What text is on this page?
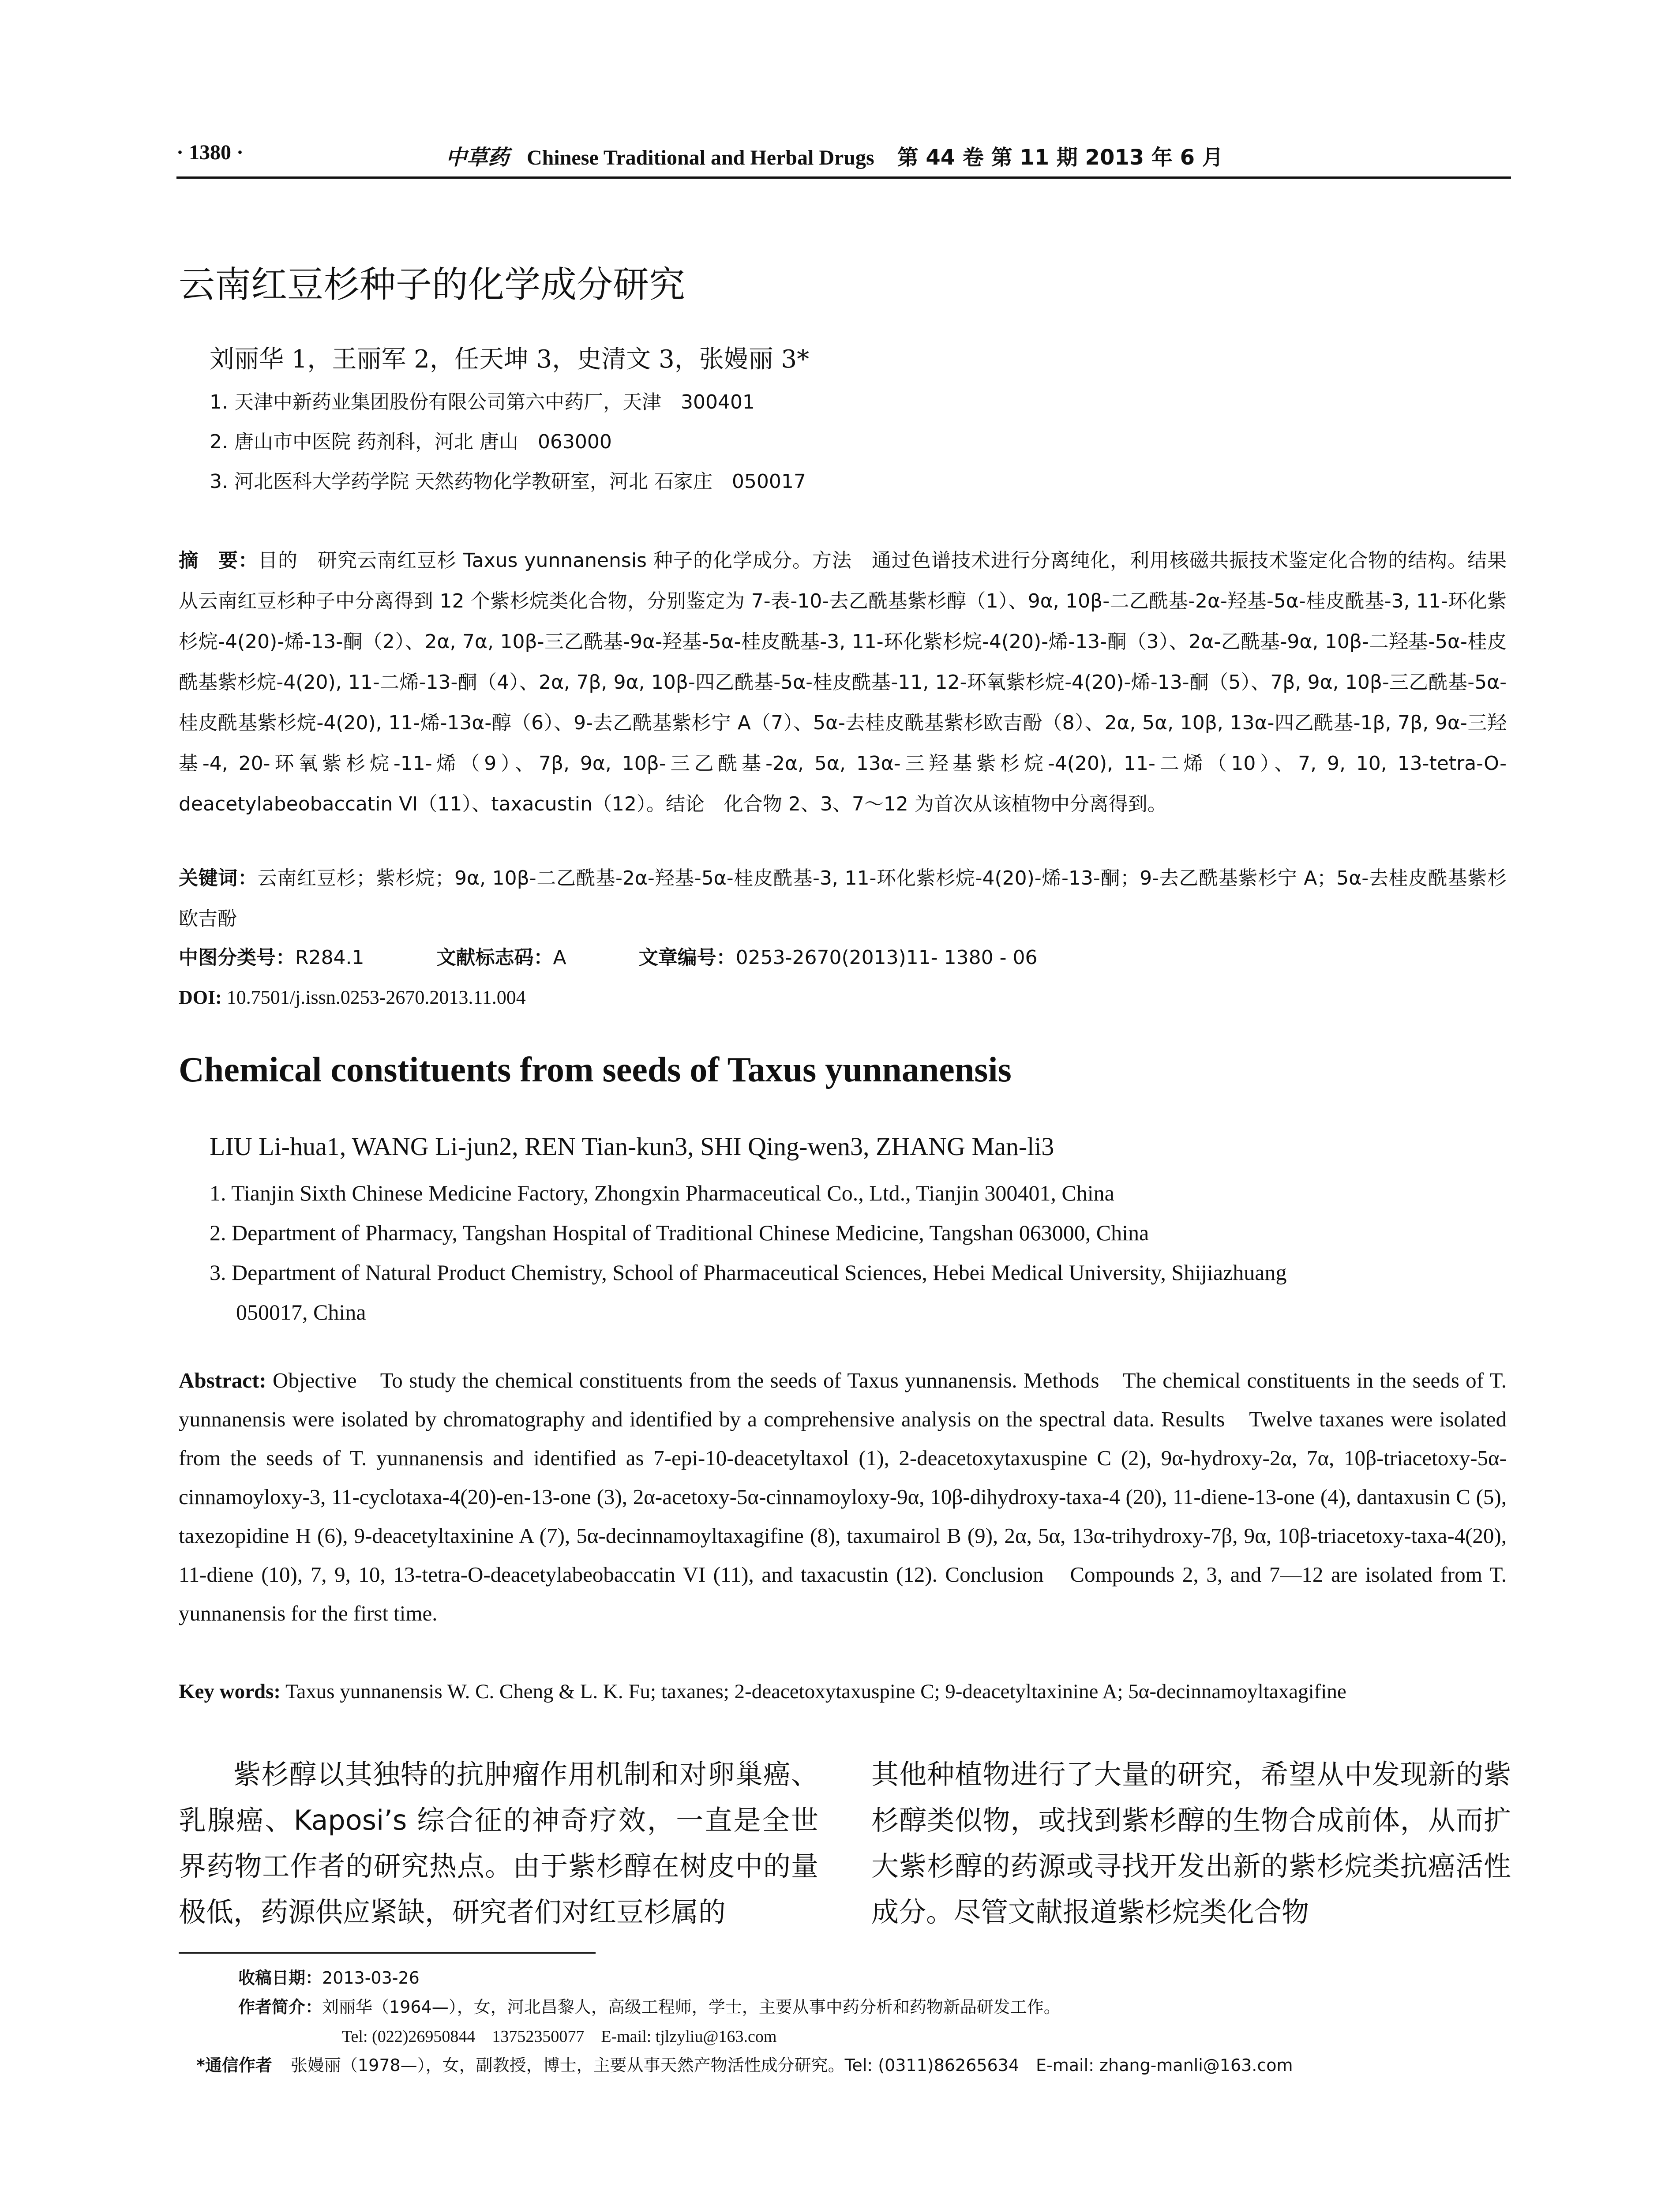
· 1380 ·	中草药 Chinese Traditional and Herbal Drugs 第 44 卷 第 11 期 2013 年 6 月
云南红豆杉种子的化学成分研究
刘丽华 1，王丽军 2，任天坤 3，史清文 3，张嫚丽 3*
1. 天津中新药业集团股份有限公司第六中药厂，天津　300401
2. 唐山市中医院 药剂科，河北 唐山　063000
3. 河北医科大学药学院 天然药物化学教研室，河北 石家庄　050017
摘　要：目的　研究云南红豆杉 Taxus yunnanensis 种子的化学成分。方法　通过色谱技术进行分离纯化，利用核磁共振技术鉴定化合物的结构。结果　从云南红豆杉种子中分离得到 12 个紫杉烷类化合物，分别鉴定为 7-表-10-去乙酰基紫杉醇（1）、9α, 10β-二乙酰基-2α-羟基-5α-桂皮酰基-3, 11-环化紫杉烷-4(20)-烯-13-酮（2）、2α, 7α, 10β-三乙酰基-9α-羟基-5α-桂皮酰基-3, 11-环化紫杉烷-4(20)-烯-13-酮（3）、2α-乙酰基-9α, 10β-二羟基-5α-桂皮酰基紫杉烷-4(20), 11-二烯-13-酮（4）、2α, 7β, 9α, 10β-四乙酰基-5α-桂皮酰基-11, 12-环氧紫杉烷-4(20)-烯-13-酮（5）、7β, 9α, 10β-三乙酰基-5α-桂皮酰基紫杉烷-4(20), 11-烯-13α-醇（6）、9-去乙酰基紫杉宁 A（7）、5α-去桂皮酰基紫杉欧吉酚（8）、2α, 5α, 10β, 13α-四乙酰基-1β, 7β, 9α-三羟基-4, 20-环氧紫杉烷-11-烯（9）、7β, 9α, 10β-三乙酰基-2α, 5α, 13α-三羟基紫杉烷-4(20), 11-二烯（10）、7, 9, 10, 13-tetra-O-deacetylabeobaccatin VI（11）、taxacustin（12）。结论　化合物 2、3、7～12 为首次从该植物中分离得到。
关键词：云南红豆杉；紫杉烷；9α, 10β-二乙酰基-2α-羟基-5α-桂皮酰基-3, 11-环化紫杉烷-4(20)-烯-13-酮；9-去乙酰基紫杉宁 A；5α-去桂皮酰基紫杉欧吉酚
中图分类号：R284.1	文献标志码：A	文章编号：0253-2670(2013)11- 1380 - 06
DOI: 10.7501/j.issn.0253-2670.2013.11.004
Chemical constituents from seeds of Taxus yunnanensis
LIU Li-hua1, WANG Li-jun2, REN Tian-kun3, SHI Qing-wen3, ZHANG Man-li3
1. Tianjin Sixth Chinese Medicine Factory, Zhongxin Pharmaceutical Co., Ltd., Tianjin 300401, China
2. Department of Pharmacy, Tangshan Hospital of Traditional Chinese Medicine, Tangshan 063000, China
3. Department of Natural Product Chemistry, School of Pharmaceutical Sciences, Hebei Medical University, Shijiazhuang
050017, China
Abstract: Objective　To study the chemical constituents from the seeds of Taxus yunnanensis. Methods　The chemical constituents in the seeds of T. yunnanensis were isolated by chromatography and identified by a comprehensive analysis on the spectral data. Results　Twelve taxanes were isolated from the seeds of T. yunnanensis and identified as 7-epi-10-deacetyltaxol (1), 2-deacetoxytaxuspine C (2), 9α-hydroxy-2α, 7α, 10β-triacetoxy-5α-cinnamoyloxy-3, 11-cyclotaxa-4(20)-en-13-one (3), 2α-acetoxy-5α-cinnamoyloxy-9α, 10β-dihydroxy-taxa-4 (20), 11-diene-13-one (4), dantaxusin C (5), taxezopidine H (6), 9-deacetyltaxinine A (7), 5α-decinnamoyltaxagifine (8), taxumairol B (9), 2α, 5α, 13α-trihydroxy-7β, 9α, 10β-triacetoxy-taxa-4(20), 11-diene (10), 7, 9, 10, 13-tetra-O-deacetylabeobaccatin VI (11), and taxacustin (12). Conclusion　Compounds 2, 3, and 7—12 are isolated from T. yunnanensis for the first time.
Key words: Taxus yunnanensis W. C. Cheng & L. K. Fu; taxanes; 2-deacetoxytaxuspine C; 9-deacetyltaxinine A; 5α-decinnamoyltaxagifine
紫杉醇以其独特的抗肿瘤作用机制和对卵巢癌、乳腺癌、Kaposi’s 综合征的神奇疗效，一直是全世界药物工作者的研究热点。由于紫杉醇在树皮中的量极低，药源供应紧缺，研究者们对红豆杉属的
其他种植物进行了大量的研究，希望从中发现新的紫杉醇类似物，或找到紫杉醇的生物合成前体，从而扩大紫杉醇的药源或寻找开发出新的紫杉烷类抗癌活性成分。尽管文献报道紫杉烷类化合物
收稿日期：2013-03-26
作者简介：刘丽华（1964—），女，河北昌黎人，高级工程师，学士，主要从事中药分析和药物新品研发工作。
Tel: (022)26950844　13752350077　E-mail: tjlzyliu@163.com
*通信作者 张嫚丽（1978—），女，副教授，博士，主要从事天然产物活性成分研究。Tel: (0311)86265634　E-mail: zhang-manli@163.com
